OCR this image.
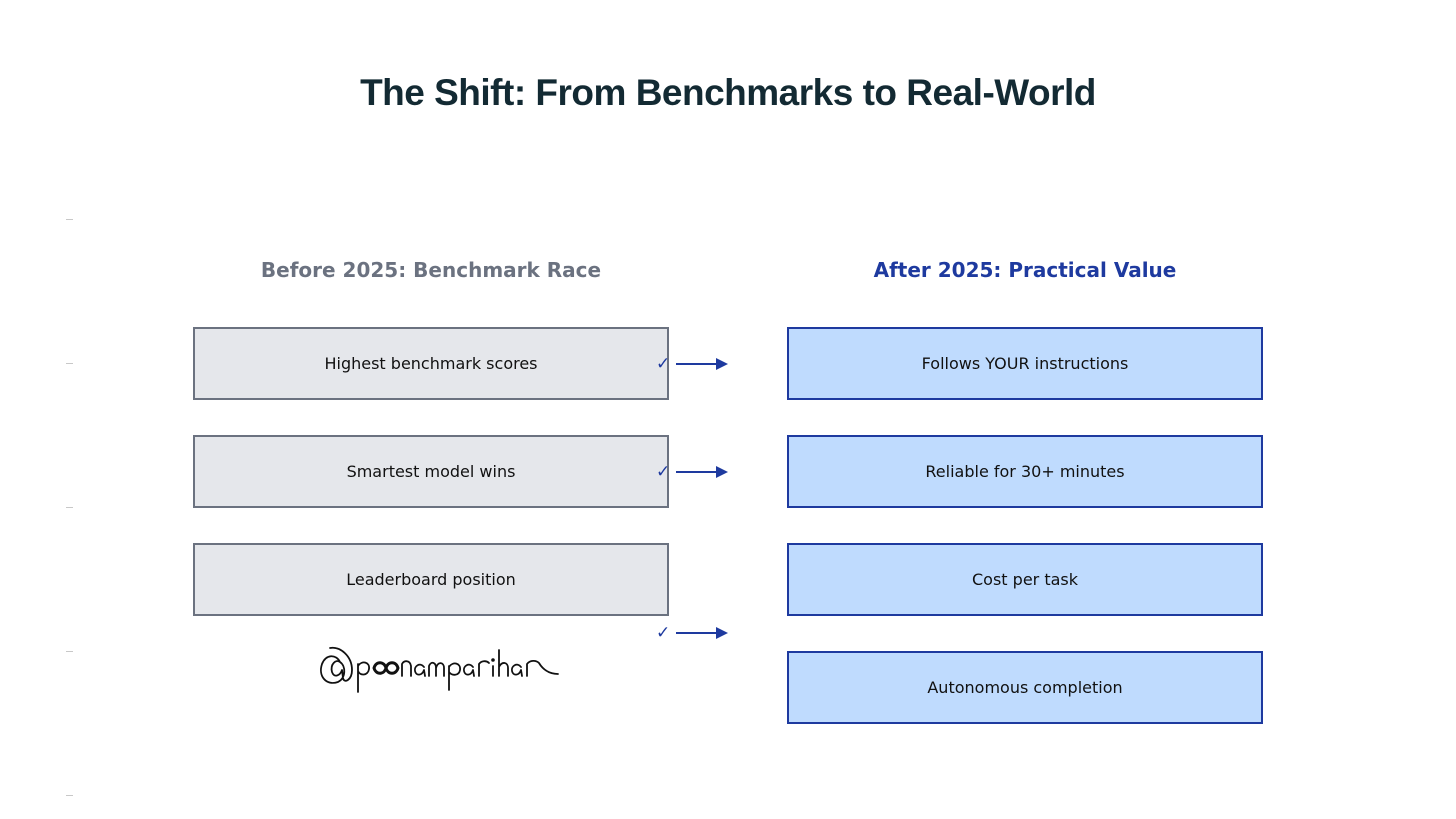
The Shift: From Benchmarks to Real-World
Before 2025: Benchmark Race	After 2025: Practical Value
Highest benchmark scores
Smartest model wins
Leaderboard position
Follows YOUR instructions
Reliable for 30+ minutes
Cost per task
Autonomous completion
✓
✓
✓
